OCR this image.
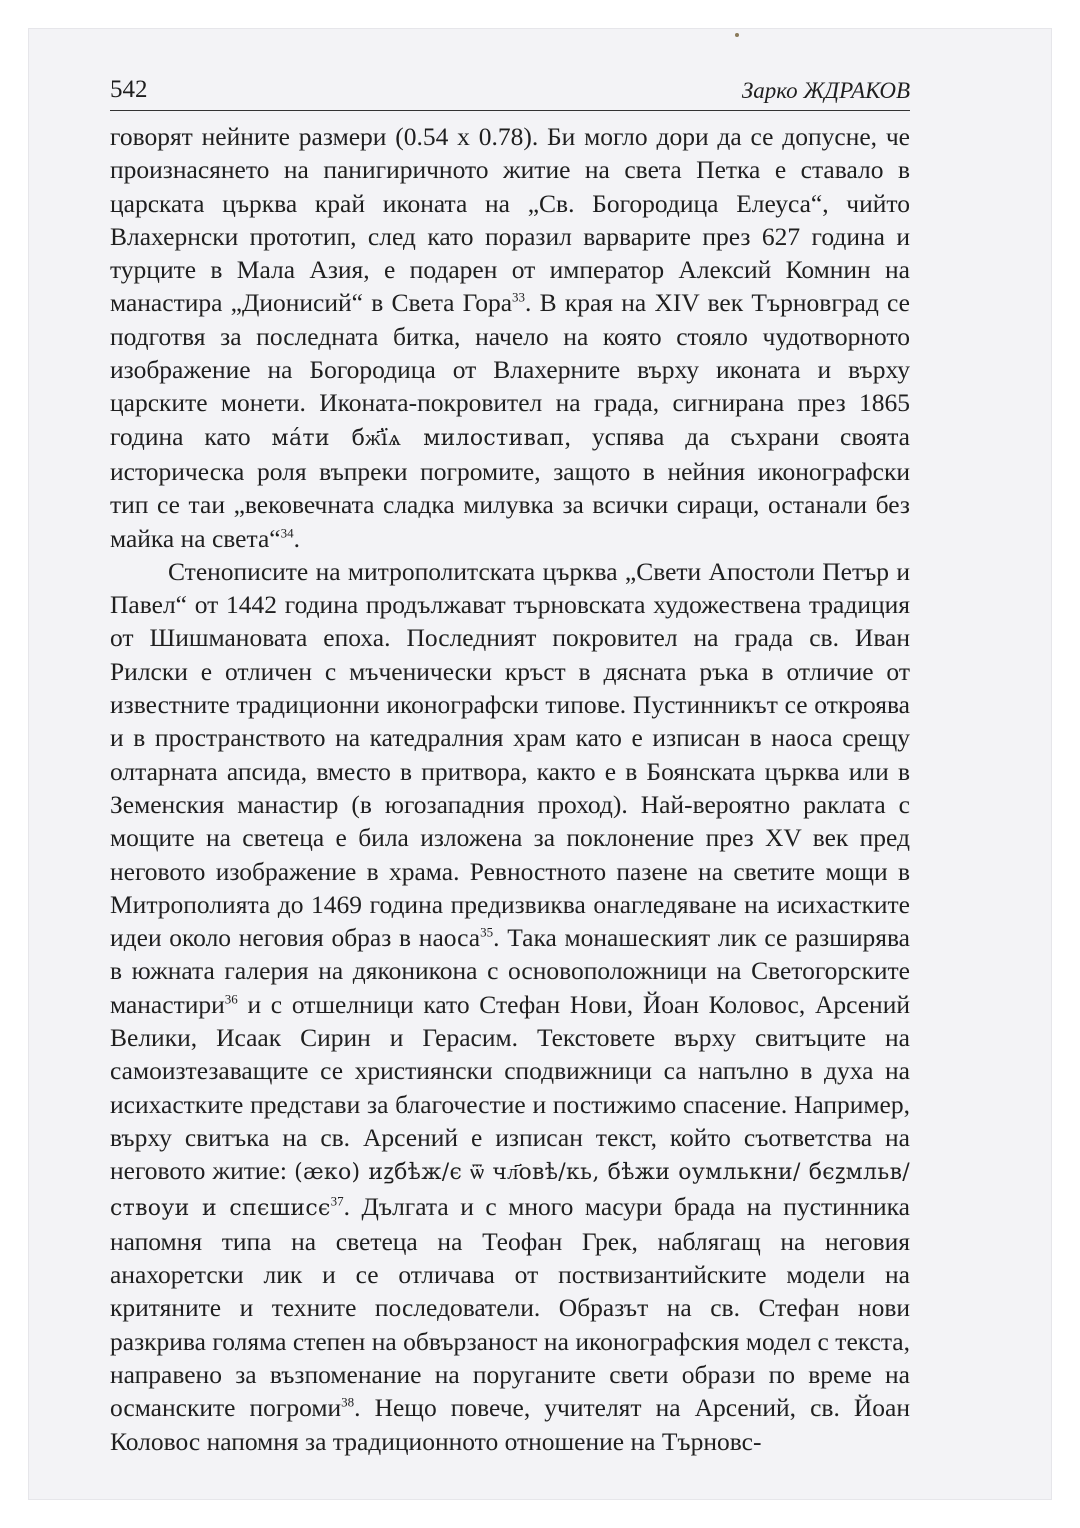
542	Зарко ЖДРАКОВ

говорят нейните размери (0.54 х 0.78). Би могло дори да се допусне, че произнасянето на панигиричното житие на света Петка е ставало в царската църква край иконата на „Св. Богородица Елеуса“, чийто Влахернски прототип, след като поразил варварите през 627 година и турците в Мала Азия, е подарен от император Алексий Комнин на манастира „Дионисий“ в Света Гора$^{33}$. В края на XIV век Търновград се подготвя за последната битка, начело на която стояло чудотворното изображение на Богородица от Влахерните върху иконата и върху царските монети. Иконата-покровител на града, сигнирана през 1865 година като мáти бж҃їѧ милостивап, успява да съхрани своята историческа роля въпреки погромите, защото в нейния иконографски тип се таи „вековечната сладка милувка за всички сираци, останали без майка на света“$^{34}$.

Стенописите на митрополитската църква „Свети Апостоли Петър и Павел“ от 1442 година продължават търновската художествена традиция от Шишмановата епоха. Последният покровител на града св. Иван Рилски е отличен с мъченически кръст в дясната ръка в отличие от известните традиционни иконографски типове. Пустинникът се откроява и в пространството на катедралния храм като е изписан в наоса срещу олтарната апсида, вместо в притвора, както е в Боянската църква или в Земенския манастир (в югозападния проход). Най-вероятно раклата с мощите на светеца е била изложена за поклонение през XV век пред неговото изображение в храма. Ревностното пазене на светите мощи в Митрополията до 1469 година предизвиква онагледяване на исихастките идеи около неговия образ в наоса$^{35}$. Така монашеският лик се разширява в южната галерия на дяконикона с основоположници на Светогорските манастири$^{36}$ и с отшелници като Стефан Нови, Йоан Коловос, Арсений Велики, Исаак Сирин и Герасим. Текстовете върху свитъците на самоизтезаващите се християнски сподвижници са напълно в духа на исихастките представи за благочестие и постижимо спасение. Например, върху свитъка на св. Арсений е изписан текст, който съответства на неговото житие: (ӕко) иꙁбѣж/є ѿ чл҃овѣ/кь, бѣжи оумлькни/ бєꙁмльв/ствоуи и спєшисє$^{37}$. Дългата и с много масури брада на пустинника напомня типа на светеца на Теофан Грек, наблягащ на неговия анахоретски лик и се отличава от поствизантийските модели на критяните и техните последователи. Образът на св. Стефан нови разкрива голяма степен на обвързаност на иконографския модел с текста, направено за възпоменание на поруганите свети образи по време на османските погроми$^{38}$. Нещо повече, учителят на Арсений, св. Йоан Коловос напомня за традиционното отношение на Търновс-
